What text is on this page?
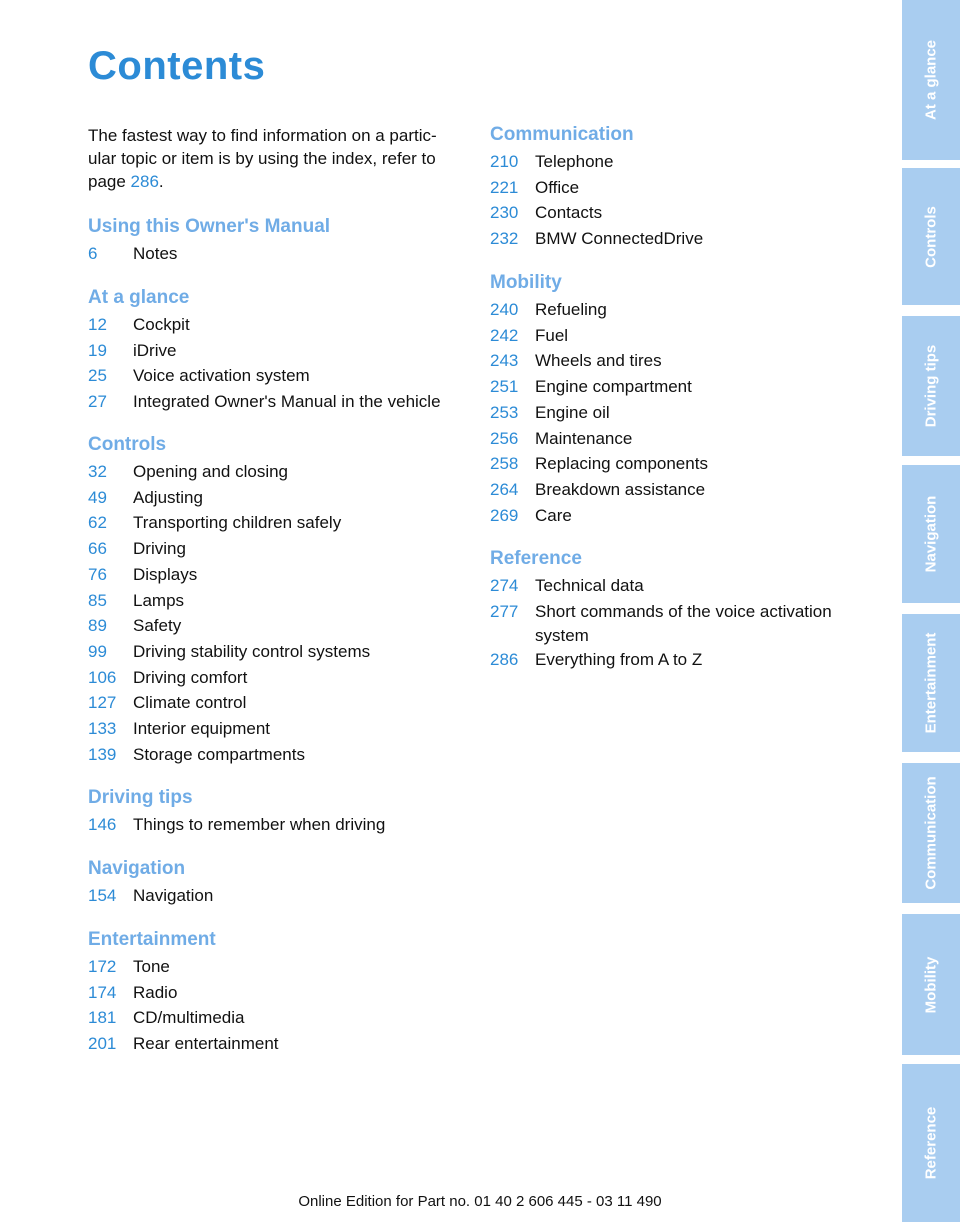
Contents
The fastest way to find information on a partic-ular topic or item is by using the index, refer to page 286.
Using this Owner's Manual
6	Notes
At a glance
12	Cockpit
19	iDrive
25	Voice activation system
27	Integrated Owner's Manual in the vehicle
Controls
32	Opening and closing
49	Adjusting
62	Transporting children safely
66	Driving
76	Displays
85	Lamps
89	Safety
99	Driving stability control systems
106 Driving comfort
127 Climate control
133 Interior equipment
139 Storage compartments
Driving tips
146 Things to remember when driving
Navigation
154 Navigation
Entertainment
172 Tone
174 Radio
181 CD/multimedia
201 Rear entertainment
Communication
210 Telephone
221 Office
230 Contacts
232 BMW ConnectedDrive
Mobility
240 Refueling
242 Fuel
243 Wheels and tires
251 Engine compartment
253 Engine oil
256 Maintenance
258 Replacing components
264 Breakdown assistance
269 Care
Reference
274 Technical data
277 Short commands of the voice activation system
286 Everything from A to Z
At a glance
Controls
Driving tips
Navigation
Entertainment
Communication
Mobility
Reference
Online Edition for Part no. 01 40 2 606 445 - 03 11 490
